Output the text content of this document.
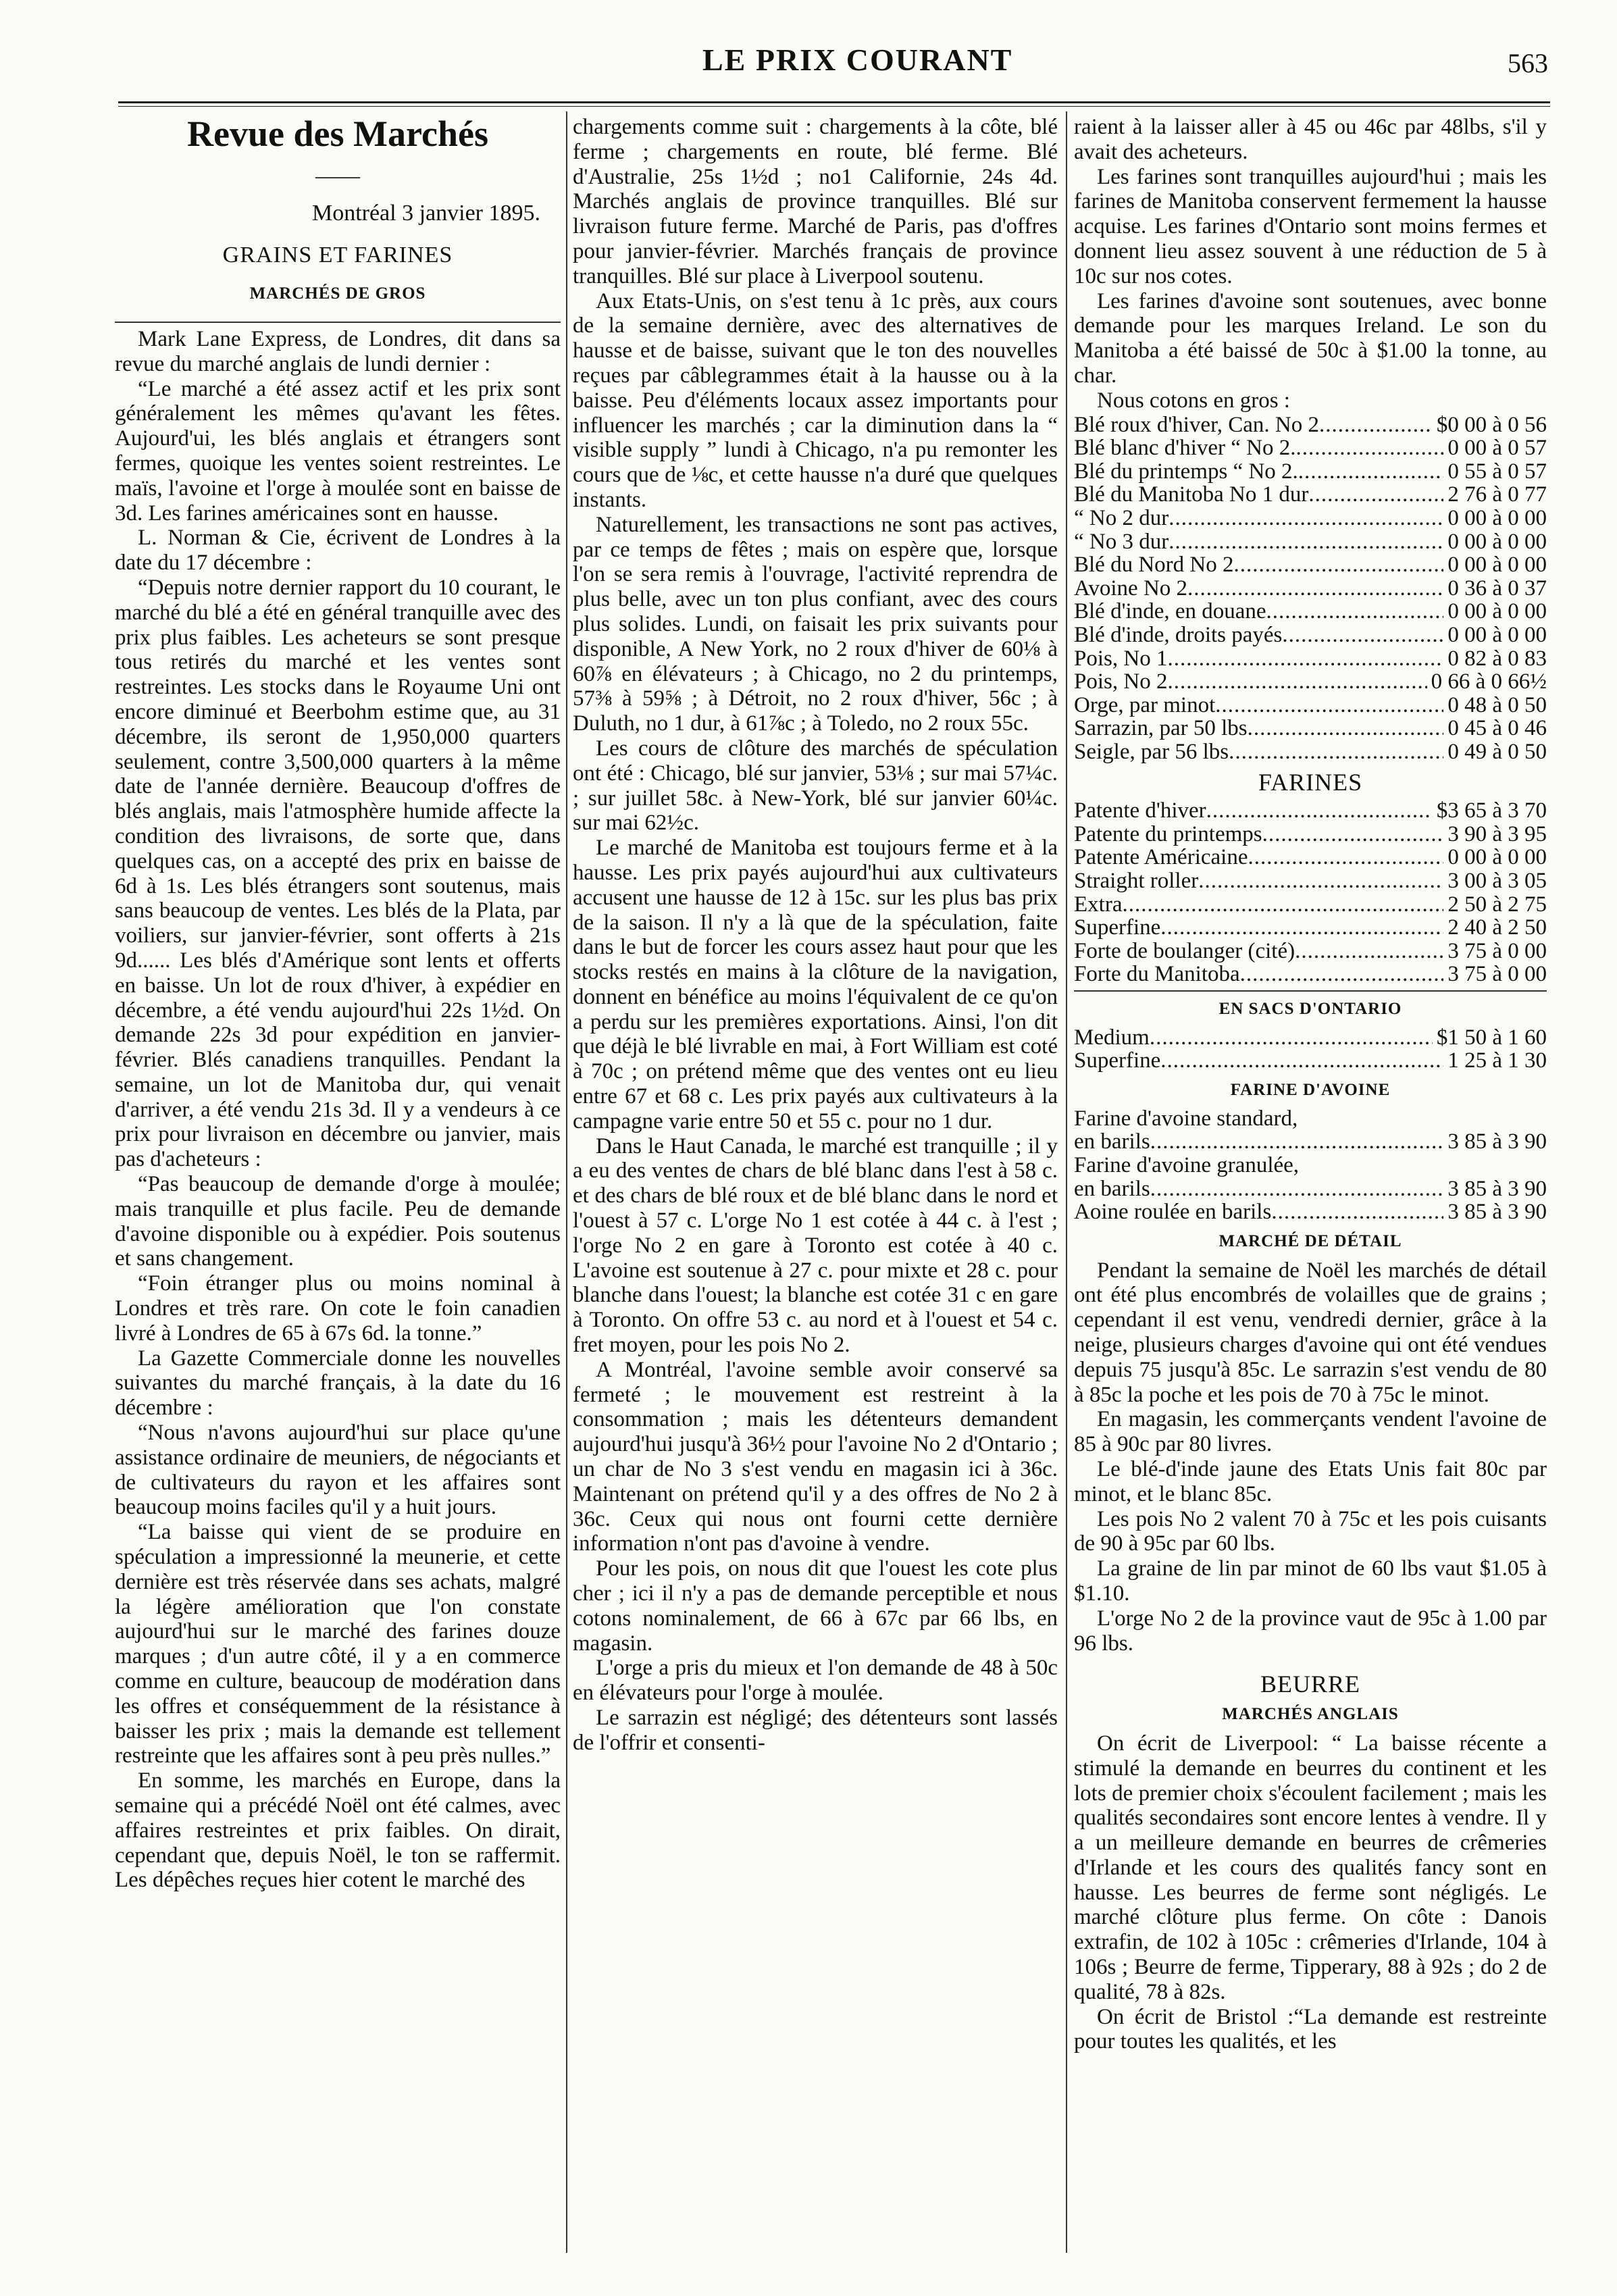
LE PRIX COURANT	563
Revue des Marchés
——
Montréal 3 janvier 1895.
GRAINS ET FARINES
MARCHÉS DE GROS

Mark Lane Express, de Londres, dit dans sa revue du marché anglais de lundi dernier :

“Le marché a été assez actif et les prix sont généralement les mêmes qu'avant les fêtes. Aujourd'ui, les blés anglais et étrangers sont fermes, quoique les ventes soient restreintes. Le maïs, l'avoine et l'orge à moulée sont en baisse de 3d. Les farines américaines sont en hausse.

L. Norman & Cie, écrivent de Londres à la date du 17 décembre :

“Depuis notre dernier rapport du 10 courant, le marché du blé a été en général tranquille avec des prix plus faibles. Les acheteurs se sont presque tous retirés du marché et les ventes sont restreintes. Les stocks dans le Royaume Uni ont encore diminué et Beerbohm estime que, au 31 décembre, ils seront de 1,950,000 quarters seulement, contre 3,500,000 quarters à la même date de l'année dernière. Beaucoup d'offres de blés anglais, mais l'atmosphère humide affecte la condition des livraisons, de sorte que, dans quelques cas, on a accepté des prix en baisse de 6d à 1s. Les blés étrangers sont soutenus, mais sans beaucoup de ventes. Les blés de la Plata, par voiliers, sur janvier-février, sont offerts à 21s 9d...... Les blés d'Amérique sont lents et offerts en baisse. Un lot de roux d'hiver, à expédier en décembre, a été vendu aujourd'hui 22s 1½d. On demande 22s 3d pour expédition en janvier-février. Blés canadiens tranquilles. Pendant la semaine, un lot de Manitoba dur, qui venait d'arriver, a été vendu 21s 3d. Il y a vendeurs à ce prix pour livraison en décembre ou janvier, mais pas d'acheteurs :

“Pas beaucoup de demande d'orge à moulée; mais tranquille et plus facile. Peu de demande d'avoine disponible ou à expédier. Pois soutenus et sans changement.

“Foin étranger plus ou moins nominal à Londres et très rare. On cote le foin canadien livré à Londres de 65 à 67s 6d. la tonne.”

La Gazette Commerciale donne les nouvelles suivantes du marché français, à la date du 16 décembre :

“Nous n'avons aujourd'hui sur place qu'une assistance ordinaire de meuniers, de négociants et de cultivateurs du rayon et les affaires sont beaucoup moins faciles qu'il y a huit jours.

“La baisse qui vient de se produire en spéculation a impressionné la meunerie, et cette dernière est très réservée dans ses achats, malgré la légère amélioration que l'on constate aujourd'hui sur le marché des farines douze marques ; d'un autre côté, il y a en commerce comme en culture, beaucoup de modération dans les offres et conséquemment de la résistance à baisser les prix ; mais la demande est tellement restreinte que les affaires sont à peu près nulles.”

En somme, les marchés en Europe, dans la semaine qui a précédé Noël ont été calmes, avec affaires restreintes et prix faibles. On dirait, cependant que, depuis Noël, le ton se raffermit. Les dépêches reçues hier cotent le marché des

chargements comme suit : chargements à la côte, blé ferme ; chargements en route, blé ferme. Blé d'Australie, 25s 1½d ; no1 Californie, 24s 4d. Marchés anglais de province tranquilles. Blé sur livraison future ferme. Marché de Paris, pas d'offres pour janvier-février. Marchés français de province tranquilles. Blé sur place à Liverpool soutenu.

Aux Etats-Unis, on s'est tenu à 1c près, aux cours de la semaine dernière, avec des alternatives de hausse et de baisse, suivant que le ton des nouvelles reçues par câblegrammes était à la hausse ou à la baisse. Peu d'éléments locaux assez importants pour influencer les marchés ; car la diminution dans la “ visible supply ” lundi à Chicago, n'a pu remonter les cours que de ⅛c, et cette hausse n'a duré que quelques instants.

Naturellement, les transactions ne sont pas actives, par ce temps de fêtes ; mais on espère que, lorsque l'on se sera remis à l'ouvrage, l'activité reprendra de plus belle, avec un ton plus confiant, avec des cours plus solides. Lundi, on faisait les prix suivants pour disponible, A New York, no 2 roux d'hiver de 60⅛ à 60⅞ en élévateurs ; à Chicago, no 2 du printemps, 57⅜ à 59⅝ ; à Détroit, no 2 roux d'hiver, 56c ; à Duluth, no 1 dur, à 61⅞c ; à Toledo, no 2 roux 55c.

Les cours de clôture des marchés de spéculation ont été : Chicago, blé sur janvier, 53⅛ ; sur mai 57¼c. ; sur juillet 58c. à New-York, blé sur janvier 60¼c. sur mai 62½c.

Le marché de Manitoba est toujours ferme et à la hausse. Les prix payés aujourd'hui aux cultivateurs accusent une hausse de 12 à 15c. sur les plus bas prix de la saison. Il n'y a là que de la spéculation, faite dans le but de forcer les cours assez haut pour que les stocks restés en mains à la clôture de la navigation, donnent en bénéfice au moins l'équivalent de ce qu'on a perdu sur les premières exportations. Ainsi, l'on dit que déjà le blé livrable en mai, à Fort William est coté à 70c ; on prétend même que des ventes ont eu lieu entre 67 et 68 c. Les prix payés aux cultivateurs à la campagne varie entre 50 et 55 c. pour no 1 dur.

Dans le Haut Canada, le marché est tranquille ; il y a eu des ventes de chars de blé blanc dans l'est à 58 c. et des chars de blé roux et de blé blanc dans le nord et l'ouest à 57 c. L'orge No 1 est cotée à 44 c. à l'est ; l'orge No 2 en gare à Toronto est cotée à 40 c. L'avoine est soutenue à 27 c. pour mixte et 28 c. pour blanche dans l'ouest; la blanche est cotée 31 c en gare à Toronto. On offre 53 c. au nord et à l'ouest et 54 c. fret moyen, pour les pois No 2.

A Montréal, l'avoine semble avoir conservé sa fermeté ; le mouvement est restreint à la consommation ; mais les détenteurs demandent aujourd'hui jusqu'à 36½ pour l'avoine No 2 d'Ontario ; un char de No 3 s'est vendu en magasin ici à 36c. Maintenant on prétend qu'il y a des offres de No 2 à 36c. Ceux qui nous ont fourni cette dernière information n'ont pas d'avoine à vendre.

Pour les pois, on nous dit que l'ouest les cote plus cher ; ici il n'y a pas de demande perceptible et nous cotons nominalement, de 66 à 67c par 66 lbs, en magasin.

L'orge a pris du mieux et l'on demande de 48 à 50c en élévateurs pour l'orge à moulée.

Le sarrazin est négligé; des détenteurs sont lassés de l'offrir et consenti-

raient à la laisser aller à 45 ou 46c par 48lbs, s'il y avait des acheteurs.

Les farines sont tranquilles aujourd'hui ; mais les farines de Manitoba conservent fermement la hausse acquise. Les farines d'Ontario sont moins fermes et donnent lieu assez souvent à une réduction de 5 à 10c sur nos cotes.

Les farines d'avoine sont soutenues, avec bonne demande pour les marques Ireland. Le son du Manitoba a été baissé de 50c à $1.00 la tonne, au char.

Nous cotons en gros :

Blé roux d'hiver, Can. No 2 .....	$0 00 à 0 56
Blé blanc d'hiver “ No 2. .....	0 00 à 0 57
Blé du printemps “ No 2. .....	0 55 à 0 57
Blé du Manitoba No 1 dur .....	2 76 à 0 77
“ No 2 dur .....	0 00 à 0 00
“ No 3 dur .....	0 00 à 0 00
Blé du Nord No 2 .....	0 00 à 0 00
Avoine No 2 .....	0 36 à 0 37
Blé d'inde, en douane .....	0 00 à 0 00
Blé d'inde, droits payés .....	0 00 à 0 00
Pois, No 1 .....	0 82 à 0 83
Pois, No 2 .....	0 66 à 0 66½
Orge, par minot .....	0 48 à 0 50
Sarrazin, par 50 lbs .....	0 45 à 0 46
Seigle, par 56 lbs .....	0 49 à 0 50
FARINES
Patente d'hiver .....	$3 65 à 3 70
Patente du printemps .....	3 90 à 3 95
Patente Américaine .....	0 00 à 0 00
Straight roller .....	3 00 à 3 05
Extra .....	2 50 à 2 75
Superfine .....	2 40 à 2 50
Forte de boulanger (cité) .....	3 75 à 0 00
Forte du Manitoba .....	3 75 à 0 00
EN SACS D'ONTARIO
Medium .....	$1 50 à 1 60
Superfine .....	1 25 à 1 30
FARINE D'AVOINE
Farine d'avoine standard,
en barils .....	3 85 à 3 90
Farine d'avoine granulée,
en barils .....	3 85 à 3 90
Aoine roulée en barils .....	3 85 à 3 90
MARCHÉ DE DÉTAIL

Pendant la semaine de Noël les marchés de détail ont été plus encombrés de volailles que de grains ; cependant il est venu, vendredi dernier, grâce à la neige, plusieurs charges d'avoine qui ont été vendues depuis 75 jusqu'à 85c. Le sarrazin s'est vendu de 80 à 85c la poche et les pois de 70 à 75c le minot.

En magasin, les commerçants vendent l'avoine de 85 à 90c par 80 livres.

Le blé-d'inde jaune des Etats Unis fait 80c par minot, et le blanc 85c.

Les pois No 2 valent 70 à 75c et les pois cuisants de 90 à 95c par 60 lbs.

La graine de lin par minot de 60 lbs vaut $1.05 à $1.10.

L'orge No 2 de la province vaut de 95c à 1.00 par 96 lbs.

BEURRE
MARCHÉS ANGLAIS

On écrit de Liverpool: “ La baisse récente a stimulé la demande en beurres du continent et les lots de premier choix s'écoulent facilement ; mais les qualités secondaires sont encore lentes à vendre. Il y a un meilleure demande en beurres de crêmeries d'Irlande et les cours des qualités fancy sont en hausse. Les beurres de ferme sont négligés. Le marché clôture plus ferme. On côte : Danois extrafin, de 102 à 105c : crêmeries d'Irlande, 104 à 106s ; Beurre de ferme, Tipperary, 88 à 92s ; do 2 de qualité, 78 à 82s.

On écrit de Bristol :“La demande est restreinte pour toutes les qualités, et les
